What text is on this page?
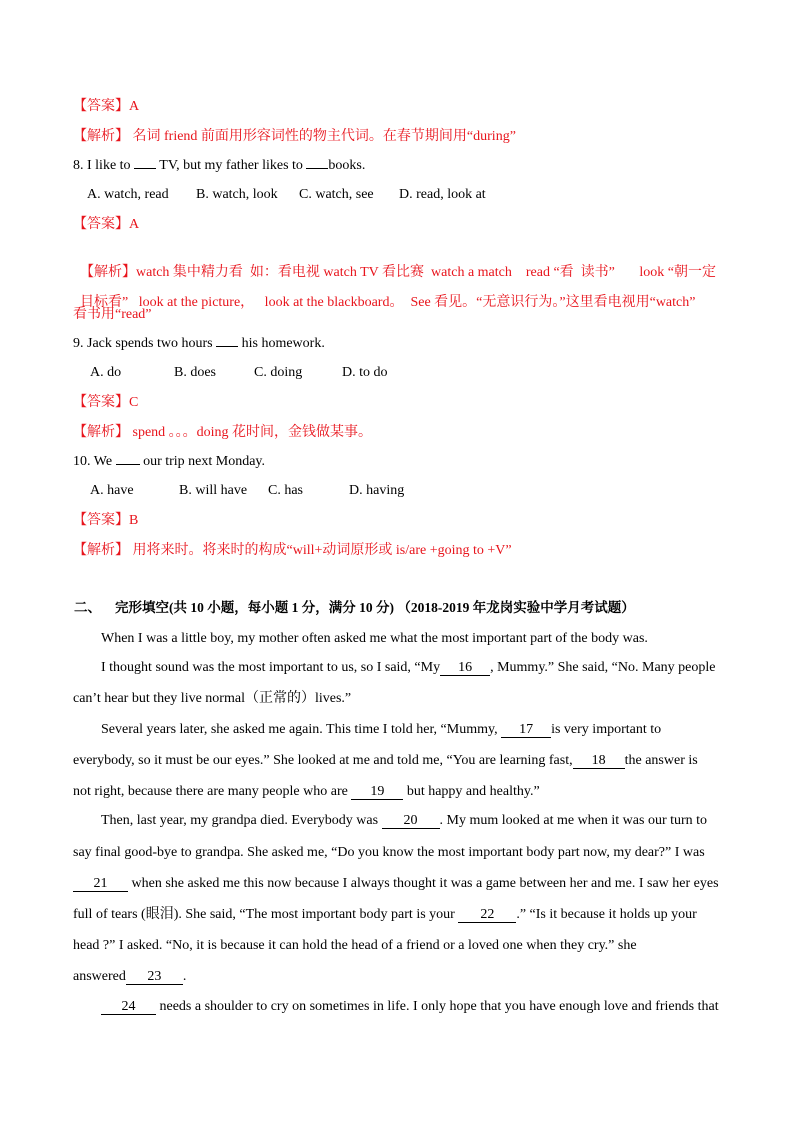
【答案】A
【解析】 名词 friend 前面用形容词性的物主代词。在春节期间用“during”
8. I like to  TV, but my father likes to books.
A. watch, read B. watch, look C. watch, see D. read, look at
【答案】A

【解析】watch 集中精力看  如：看电视 watch TV 看比赛  watch a match    read “看  读书”       look “朝一定

目标看”   look at the picture，   look at the blackboard。  See 看见。“无意识行为。”这里看电视用“watch”

看书用“read”
9. Jack spends two hours  his homework.
A. do	B. does	C. doing	D. to do
【答案】C
【解析】 spend 。。。doing 花时间，金钱做某事。
10. We  our trip next Monday.
A. have	B. will have C. has	D. having
【答案】B
【解析】 用将来时。将来时的构成“will+动词原形或 is/are +going to +V”
二、 完形填空(共 10 小题，每小题 1 分，满分 10 分) （2018-2019 年龙岗实验中学月考试题）
When I was a little boy, my mother often asked me what the most important part of the body was.
I thought sound was the most important to us, so I said, “My 16 , Mummy.” She said, “No. Many people
can’t hear but they live normal（正常的）lives.”
Several years later, she asked me again. This time I told her, “Mummy, 17 is very important to
everybody, so it must be our eyes.” She looked at me and told me, “You are learning fast, 18 the answer is
not right, because there are many people who are 19 but happy and healthy.”
Then, last year, my grandpa died. Everybody was 20 . My mum looked at me when it was our turn to
say final good-bye to grandpa. She asked me, “Do you know the most important body part now, my dear?” I was
21 when she asked me this now because I always thought it was a game between her and me. I saw her eyes
full of tears (眼泪). She said, “The most important body part is your 22 .” “Is it because it holds up your
head ?” I asked. “No, it is because it can hold the head of a friend or a loved one when they cry.” she
answered 23 .
24 needs a shoulder to cry on sometimes in life. I only hope that you have enough love and friends that
